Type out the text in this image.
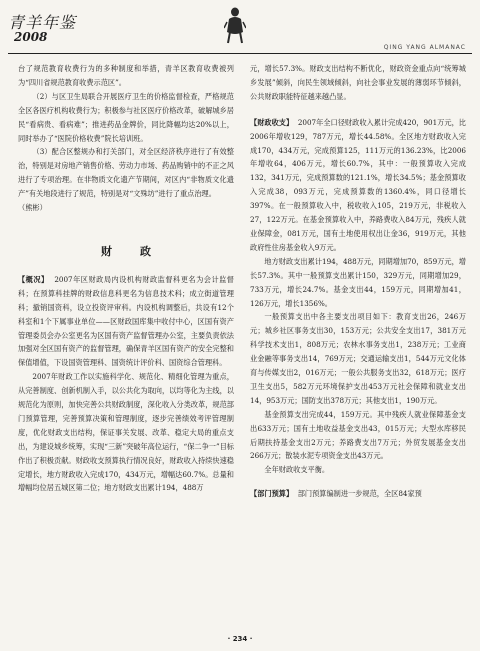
青羊年鉴
2008
QING YANG ALMANAC

台了规范教育收费行为的多种制度和举措，青羊区教育收费被列为“四川省规范教育收费示范区”。

（2）与区卫生局联合开展医疗卫生的价格监督检查，严格规范全区各医疗机构收费行为；积极参与社区医疗价格改革，破解城乡居民“看病贵、看病难”；推进药品金牌价，同比降幅均达20%以上，同时举办了“医院价格收费”院长培训班。

（3）配合区整规办和打关部门，对全区经济秩序进行了有效整治，特别是对房地产销售价格、劳动力市场、药品购销中的不正之风进行了专项治理。在非物质文化遗产节期间，对区内“非物质文化遗产”有关地段进行了规范，特别是对“文殊坊”进行了重点治理。

（熊彬）

财政

【概况】 2007年区财政局内设机构财政监督科更名为会计监督科；在预算科挂牌的财政信息科更名为信息技术科；成立街道管理科；撤销国资科，设立投资评审科。内设机构调整后，共设有12个科室和1个下属事业单位——区财政国库集中收付中心，区国有资产管理委员会办公室更名为区国有资产监督管理办公室，主要负责依法加强对全区国有资产的监督管理，确保青羊区国有资产的安全完整和保值增值，下设国资管理科、国资统计评价科、国资综合管理科。

2007年财政工作以实施科学化、规范化、精细化管理为重点，从完善制度、创新机制入手，以公共化为取向，以均等化为主线，以规范化为原则，加快完善公共财政制度，深化收入分类改革，规范部门预算管理，完善预算决策和管理制度，逐步完善绩效考评管理制度，优化财政支出结构，保证事关发展、改革、稳定大局的重点支出，为建设城乡统筹，实现“三新”突破年高位运行，“保二争一”目标作出了积极贡献。财政收支预算执行情况良好，财政收入持续快速稳定增长，地方财政收入完成170，434万元，增幅达60.7%。总量和增幅均位居五城区第二位；地方财政支出累计194，488万

元，增长57.3%。财政支出结构不断优化，财政资金重点向“统筹城乡发展”倾斜，向民生领域倾斜，向社会事业发展的薄弱环节倾斜，公共财政职能特征越来越凸显。

【财政收支】 2007年全口径财政收入累计完成420，901万元，比2006年增收129，787万元，增长44.58%。全区地方财政收入完成170，434万元，完成预算125，111万元的136.23%，比2006年增收64，406万元，增长60.7%，其中：一般预算收入完成132，341万元，完成预算数的121.1%，增长34.5%；基金预算收入完成38，093万元，完成预算数的1360.4%，同口径增长397%。在一般预算收入中，税收收入105，219万元，非税收入27，122万元。在基金预算收入中，养路费收入84万元，残疾人就业保障金，081万元，国有土地使用权出让金36，919万元，其他政府性住房基金收入9万元。

地方财政支出累计194，488万元，同期增加70，859万元，增长57.3%。其中一般预算支出累计150，329万元，同期增加29，733万元，增长24.7%。基金支出44，159万元，同期增加41，126万元，增长1356%。

一般预算支出中各主要支出项目如下：教育支出26，246万元；城乡社区事务支出30，153万元；公共安全支出17，381万元科学技术支出1，808万元；农林水事务支出1，238万元；工业商业金融等事务支出14，769万元；交通运输支出1，544万元文化体育与传媒支出2，016万元；一般公共服务支出32，618万元；医疗卫生支出5，582万元环境保护支出453万元社会保障和就业支出14，953万元；国防支出378万元；其他支出1，190万元。

基金预算支出完成44，159万元。其中残疾人就业保障基金支出633万元；国有土地收益基金支出43，015万元；大型水库移民后期扶持基金支出2万元；养路费支出7万元；外贸发展基金支出266万元；散装水泥专项资金支出43万元。

全年财政收支平衡。

【部门预算】 部门预算编制进一步规范，全区84家预

· 234 ·
